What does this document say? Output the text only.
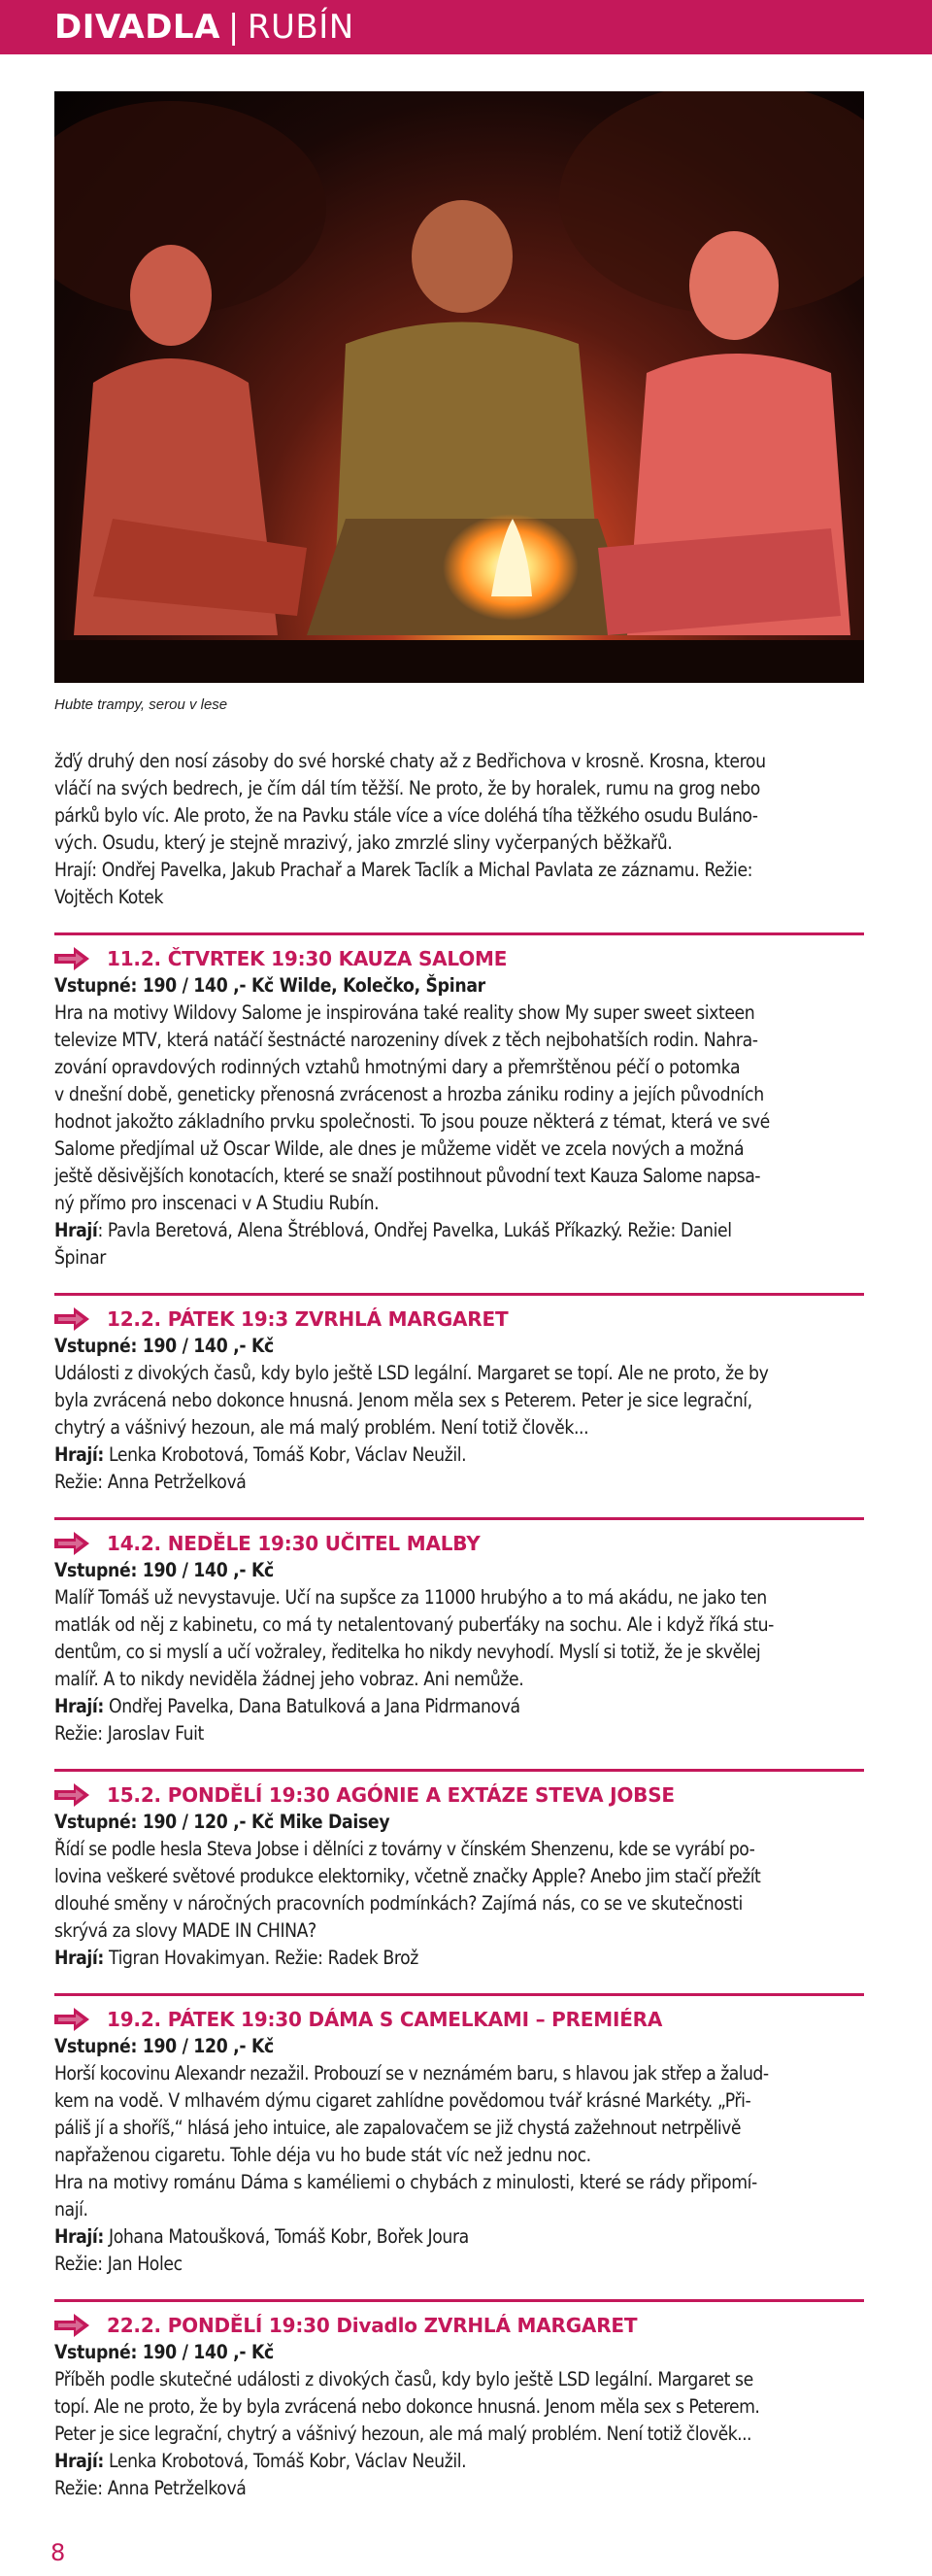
DIVADLA | RUBÍN
Hubte trampy, serou v lese

žďý druhý den nosí zásoby do své horské chaty až z Bedřichova v krosně. Krosna, kterou

vláčí na svých bedrech, je čím dál tím těžší. Ne proto, že by horalek, rumu na grog nebo

párků bylo víc. Ale proto, že na Pavku stále více a více doléhá tíha těžkého osudu Buláno-

vých. Osudu, který je stejně mrazivý, jako zmrzlé sliny vyčerpaných běžkařů.

Hrají: Ondřej Pavelka, Jakub Prachař a Marek Taclík a Michal Pavlata ze záznamu. Režie:

Vojtěch Kotek

11.2. ČTVRTEK 19:30 KAUZA SALOME

Vstupné: 190 / 140 ,- Kč Wilde, Kolečko, Špinar

Hra na motivy Wildovy Salome je inspirována také reality show My super sweet sixteen

televize MTV, která natáčí šestnácté narozeniny dívek z těch nejbohatších rodin. Nahra-

zování opravdových rodinných vztahů hmotnými dary a přemrštěnou péčí o potomka

v dnešní době, geneticky přenosná zvrácenost a hrozba zániku rodiny a jejích původních

hodnot jakožto základního prvku společnosti. To jsou pouze některá z témat, která ve své

Salome předjímal už Oscar Wilde, ale dnes je můžeme vidět ve zcela nových a možná

ještě děsivějších konotacích, které se snaží postihnout původní text Kauza Salome napsa-

ný přímo pro inscenaci v A Studiu Rubín.

Hrají: Pavla Beretová, Alena Štréblová, Ondřej Pavelka, Lukáš Příkazký. Režie: Daniel

Špinar

12.2. PÁTEK 19:3 ZVRHLÁ MARGARET

Vstupné: 190 / 140 ,- Kč

Události z divokých časů, kdy bylo ještě LSD legální. Margaret se topí. Ale ne proto, že by

byla zvrácená nebo dokonce hnusná. Jenom měla sex s Peterem. Peter je sice legrační,

chytrý a vášnivý hezoun, ale má malý problém. Není totiž člověk...

Hrají: Lenka Krobotová, Tomáš Kobr, Václav Neužil.

Režie: Anna Petrželková

14.2. NEDĚLE 19:30 UČITEL MALBY

Vstupné: 190 / 140 ,- Kč

Malíř Tomáš už nevystavuje. Učí na supšce za 11000 hrubýho a to má akádu, ne jako ten

matlák od něj z kabinetu, co má ty netalentovaný puberťáky na sochu. Ale i když říká stu-

dentům, co si myslí a učí vožraley, ředitelka ho nikdy nevyhodí. Myslí si totiž, že je skvělej

malíř. A to nikdy neviděla žádnej jeho vobraz. Ani nemůže.

Hrají: Ondřej Pavelka, Dana Batulková a Jana Pidrmanová

Režie: Jaroslav Fuit

15.2. PONDĚLÍ 19:30 AGÓNIE A EXTÁZE STEVA JOBSE

Vstupné: 190 / 120 ,- Kč Mike Daisey

Řídí se podle hesla Steva Jobse i dělníci z továrny v čínském Shenzenu, kde se vyrábí po-

lovina veškeré světové produkce elektorniky, včetně značky Apple? Anebo jim stačí přežít

dlouhé směny v náročných pracovních podmínkách? Zajímá nás, co se ve skutečnosti

skrývá za slovy MADE IN CHINA?

Hrají: Tigran Hovakimyan. Režie: Radek Brož

19.2. PÁTEK 19:30 DÁMA S CAMELKAMI – PREMIÉRA

Vstupné: 190 / 120 ,- Kč

Horší kocovinu Alexandr nezažil. Probouzí se v neznámém baru, s hlavou jak střep a žalud-

kem na vodě. V mlhavém dýmu cigaret zahlídne povědomou tvář krásné Markéty. „Při-

páliš jí a shoříš,“ hlásá jeho intuice, ale zapalovačem se již chystá zažehnout netrpělivě

napřaženou cigaretu. Tohle déja vu ho bude stát víc než jednu noc.

Hra na motivy románu Dáma s kaméliemi o chybách z minulosti, které se rády připomí-

nají.

Hrají: Johana Matoušková, Tomáš Kobr, Bořek Joura

Režie: Jan Holec

22.2. PONDĚLÍ 19:30 Divadlo ZVRHLÁ MARGARET

Vstupné: 190 / 140 ,- Kč

Příběh podle skutečné události z divokých časů, kdy bylo ještě LSD legální. Margaret se

topí. Ale ne proto, že by byla zvrácená nebo dokonce hnusná. Jenom měla sex s Peterem.

Peter je sice legrační, chytrý a vášnivý hezoun, ale má malý problém. Není totiž člověk...

Hrají: Lenka Krobotová, Tomáš Kobr, Václav Neužil.

Režie: Anna Petrželková

8
